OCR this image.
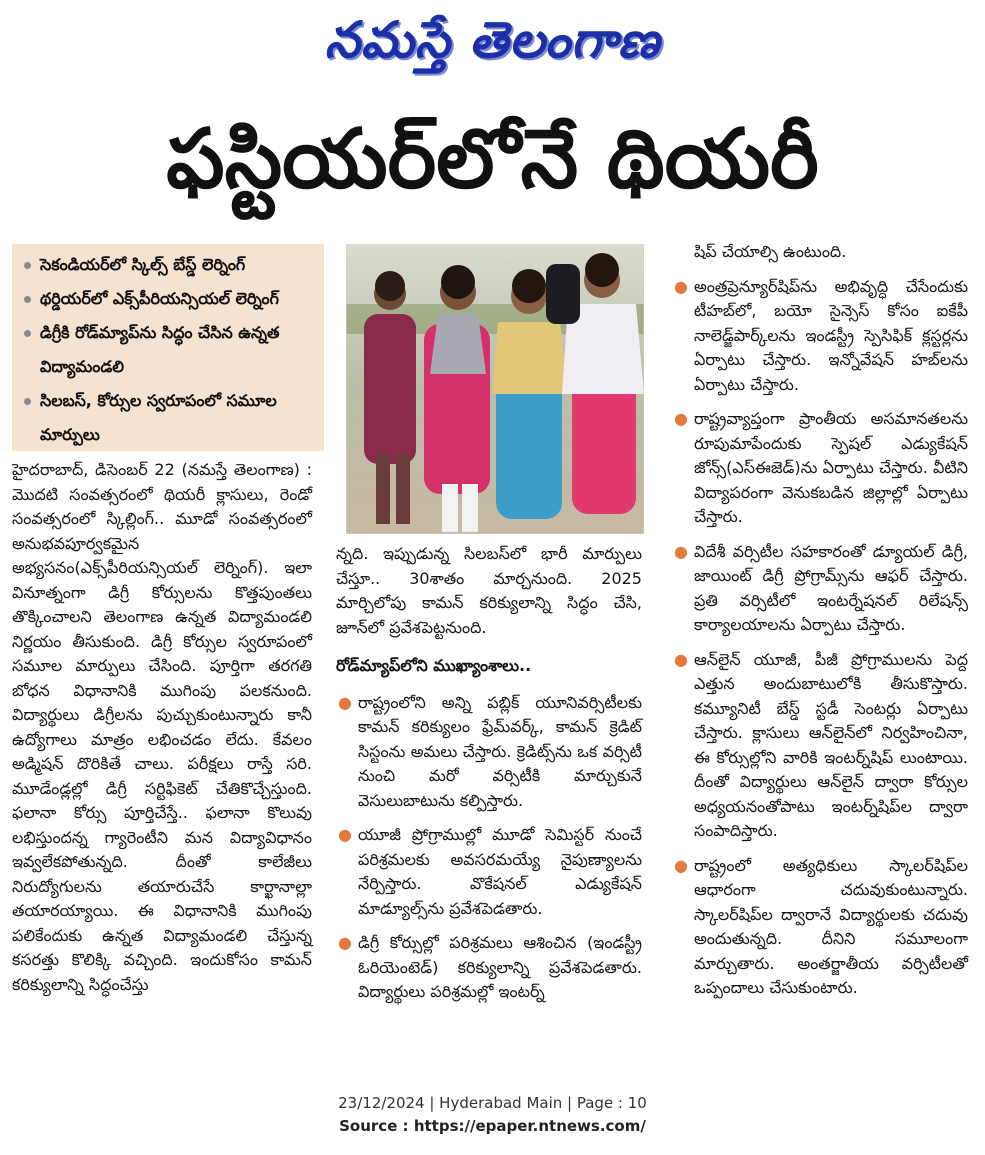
నమస్తే తెలంగాణ
ఫస్టియర్‌లోనే థియరీ
సెకండియర్‌లో స్కిల్స్‌ బేస్డ్‌ లెర్నింగ్‌
థర్డియర్‌లో ఎక్స్‌పీరియన్సియల్‌ లెర్నింగ్‌
డిగ్రీకి రోడ్‌మ్యాప్‌ను సిద్ధం చేసిన ఉన్నత విద్యామండలి
సిలబస్‌, కోర్సుల స్వరూపంలో సమూల మార్పులు

హైదరాబాద్‌, డిసెంబర్‌ 22 (నమస్తే తెలంగాణ) : మొదటి సంవత్సరంలో థియరీ క్లాసులు, రెండో సంవత్సరంలో స్కిల్లింగ్‌.. మూడో సంవత్సరంలో అనుభవపూర్వకమైన అభ్యసనం(ఎక్స్‌పీరియన్సియల్‌ లెర్నింగ్‌). ఇలా వినూత్నంగా డిగ్రీ కోర్సులను కొత్తపుంతలు తొక్కించాలని తెలంగాణ ఉన్నత విద్యామండలి నిర్ణయం తీసుకుంది. డిగ్రీ కోర్సుల స్వరూపంలో సమూల మార్పులు చేసింది. పూర్తిగా తరగతి బోధన విధానానికి ముగింపు పలకనుంది. విద్యార్థులు డిగ్రీలను పుచ్చుకుంటున్నారు కానీ ఉద్యోగాలు మాత్రం లభించడం లేదు. కేవలం అడ్మిషన్‌ దొరికితే చాలు. పరీక్షలు రాస్తే సరి. మూడేండ్లల్లో డిగ్రీ సర్టిఫికెట్‌ చేతికొచ్చేస్తుంది. ఫలానా కోర్సు పూర్తిచేస్తే.. ఫలానా కొలువు లభిస్తుందన్న గ్యారెంటీని మన విద్యావిధానం ఇవ్వలేకపోతున్నది. దీంతో కాలేజీలు నిరుద్యోగులను తయారుచేసే కార్ఖానాల్లా తయారయ్యాయి. ఈ విధానానికి ముగింపు పలికేందుకు ఉన్నత విద్యామండలి చేస్తున్న కసరత్తు కొలిక్కి వచ్చింది. ఇందుకోసం కామన్‌ కరిక్యులాన్ని సిద్ధంచేస్తు

న్నది. ఇప్పుడున్న సిలబస్‌లో భారీ మార్పులు చేస్తూ.. 30శాతం మార్చనుంది. 2025 మార్చిలోపు కామన్‌ కరిక్యులాన్ని సిద్ధం చేసి, జూన్‌లో ప్రవేశపెట్టనుంది.

రోడ్‌మ్యాప్‌లోని ముఖ్యాంశాలు..
● రాష్ట్రంలోని అన్ని పబ్లిక్‌ యూనివర్సిటీలకు కామన్‌ కరిక్యులం ఫ్రేమ్‌వర్క్‌, కామన్‌ క్రెడిట్‌ సిస్టంను అమలు చేస్తారు. క్రెడిట్స్‌ను ఒక వర్సిటీ నుంచి మరో వర్సిటీకి మార్చుకునే వెసులుబాటును కల్పిస్తారు.
● యూజీ ప్రోగ్రాముల్లో మూడో సెమిస్టర్‌ నుంచే పరిశ్రమలకు అవసరమయ్యే నైపుణ్యాలను నేర్పిస్తారు. వొకేషనల్‌ ఎడ్యుకేషన్‌ మాడ్యూల్స్‌ను ప్రవేశపెడతారు.
● డిగ్రీ కోర్సుల్లో పరిశ్రమలు ఆశించిన (ఇండస్ట్రీ ఓరియెంటెడ్‌) కరిక్యులాన్ని ప్రవేశపెడతారు. విద్యార్థులు పరిశ్రమల్లో ఇంటర్న్‌

షిప్‌ చేయాల్సి ఉంటుంది.

● అంత్రప్రెన్యూర్‌షిప్‌ను అభివృద్ధి చేసేందుకు టీహబ్‌లో, బయో సైన్సెస్‌ కోసం ఐకేపీ నాలెడ్జ్‌పార్క్‌లను ఇండస్ట్రీ స్పెసిఫిక్‌ క్లస్టర్లను ఏర్పాటు చేస్తారు. ఇన్నోవేషన్‌ హబ్‌లను ఏర్పాటు చేస్తారు.
● రాష్ట్రవ్యాప్తంగా ప్రాంతీయ అసమానతలను రూపుమాపేందుకు స్పెషల్‌ ఎడ్యుకేషన్‌ జోన్స్‌(ఎస్‌ఈజెడ్‌)ను ఏర్పాటు చేస్తారు. వీటిని విద్యాపరంగా వెనుకబడిన జిల్లాల్లో ఏర్పాటు చేస్తారు.
● విదేశీ వర్సిటీల సహకారంతో డ్యూయల్‌ డిగ్రీ, జాయింట్‌ డిగ్రీ ప్రోగ్రామ్స్‌ను ఆఫర్‌ చేస్తారు. ప్రతి వర్సిటీలో ఇంటర్నేషనల్‌ రిలేషన్స్‌ కార్యాలయాలను ఏర్పాటు చేస్తారు.
● ఆన్‌లైన్‌ యూజీ, పీజీ ప్రోగ్రాములను పెద్ద ఎత్తున అందుబాటులోకి తీసుకొస్తారు. కమ్యూనిటీ బేస్డ్‌ స్టడీ సెంటర్లు ఏర్పాటు చేస్తారు. క్లాసులు ఆన్‌లైన్‌లో నిర్వహించినా, ఈ కోర్సుల్లోని వారికి ఇంటర్న్‌షిప్‌ లుంటాయి. దీంతో విద్యార్థులు ఆన్‌లైన్‌ ద్వారా కోర్సుల అధ్యయనంతోపాటు ఇంటర్న్‌షిప్‌ల ద్వారా సంపాదిస్తారు.
● రాష్ట్రంలో అత్యధికులు స్కాలర్‌షిప్‌ల ఆధారంగా చదువుకుంటున్నారు. స్కాలర్‌షిప్‌ల ద్వారానే విద్యార్థులకు చదువు అందుతున్నది. దీనిని సమూలంగా మార్చుతారు. అంతర్జాతీయ వర్సిటీలతో ఒప్పందాలు చేసుకుంటారు.
23/12/2024 | Hyderabad Main | Page : 10
Source : https://epaper.ntnews.com/
